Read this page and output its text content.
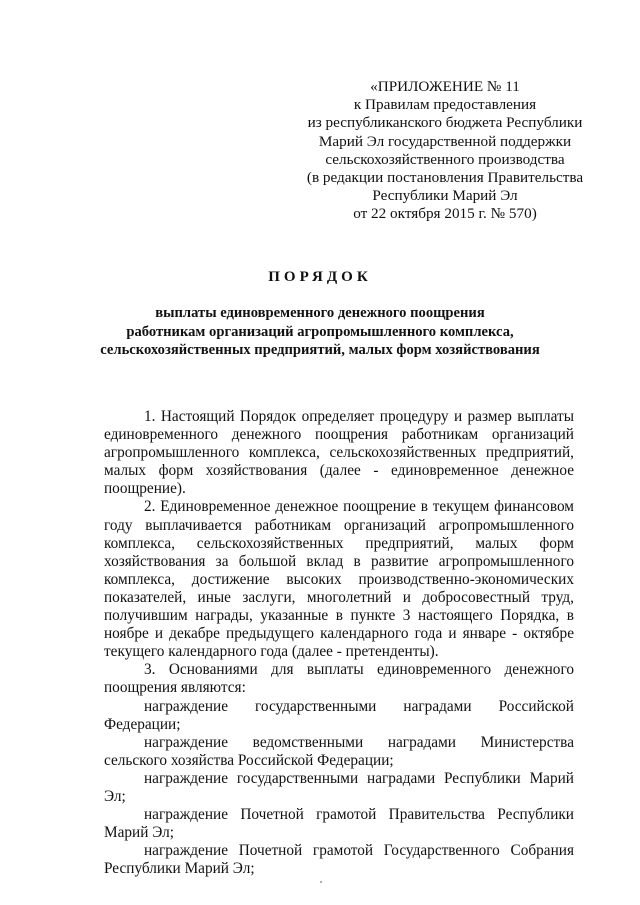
«ПРИЛОЖЕНИЕ № 11
к Правилам предоставления
из республиканского бюджета Республики
Марий Эл государственной поддержки
сельскохозяйственного производства
(в редакции постановления Правительства
Республики Марий Эл
от 22 октября 2015 г. № 570)
ПОРЯДОК
выплаты единовременного денежного поощрения
работникам организаций агропромышленного комплекса,
сельскохозяйственных предприятий, малых форм хозяйствования

1. Настоящий Порядок определяет процедуру и размер выплаты единовременного денежного поощрения работникам организаций агропромышленного комплекса, сельскохозяйственных предприятий, малых форм хозяйствования (далее - единовременное денежное поощрение).

2. Единовременное денежное поощрение в текущем финансовом году выплачивается работникам организаций агропромышленного комплекса, сельскохозяйственных предприятий, малых форм хозяйствования за большой вклад в развитие агропромышленного комплекса, достижение высоких производственно-экономических показателей, иные заслуги, многолетний и добросовестный труд, получившим награды, указанные в пункте 3 настоящего Порядка, в ноябре и декабре предыдущего календарного года и январе - октябре текущего календарного года (далее - претенденты).

3. Основаниями для выплаты единовременного денежного поощрения являются:

награждение государственными наградами Российской Федерации;

награждение ведомственными наградами Министерства сельского хозяйства Российской Федерации;

награждение государственными наградами Республики Марий Эл;

награждение Почетной грамотой Правительства Республики Марий Эл;

награждение Почетной грамотой Государственного Собрания Республики Марий Эл;
